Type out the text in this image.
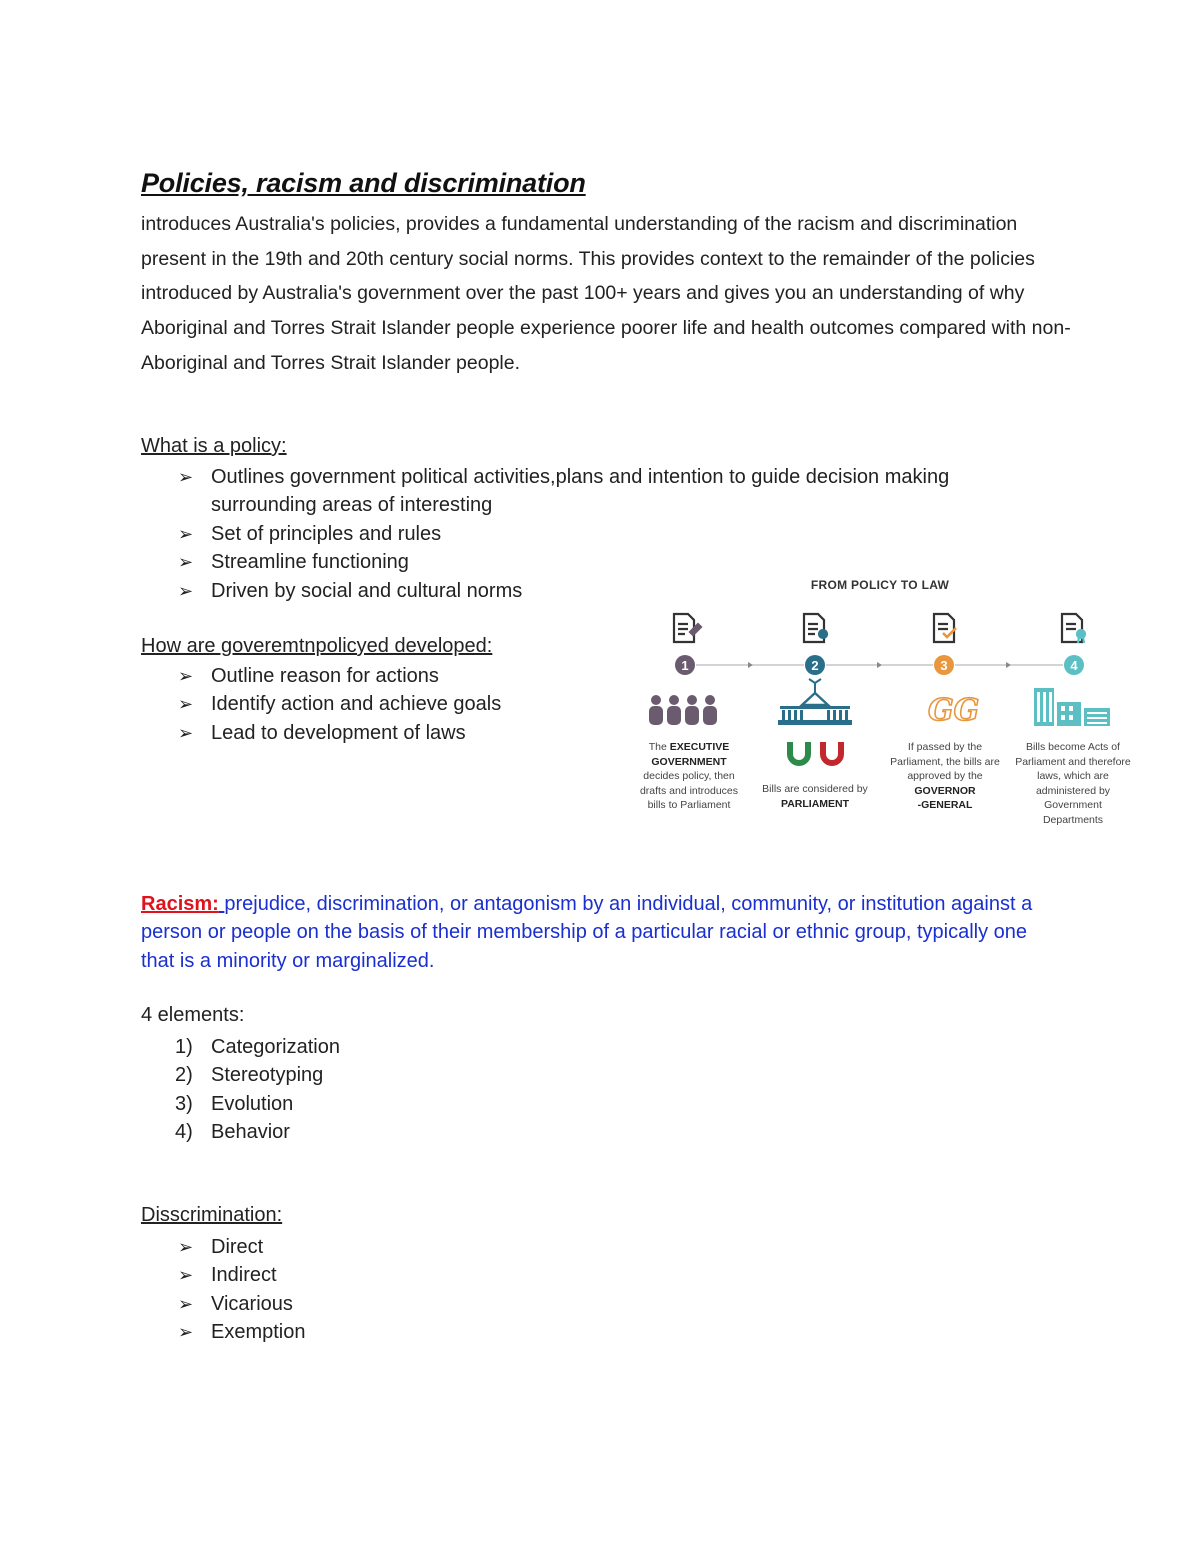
Policies, racism and discrimination

introduces Australia's policies, provides a fundamental understanding of the racism and discrimination present in the 19th and 20th century social norms. This provides context to the remainder of the policies introduced by Australia's government over the past 100+ years and gives you an understanding of why Aboriginal and Torres Strait Islander people experience poorer life and health outcomes compared with non-Aboriginal and Torres Strait Islander people.

What is a policy:

➢ Outlines government political activities,plans and intention to guide decision making surrounding areas of interesting
➢ Set of principles and rules
➢ Streamline functioning
➢ Driven by social and cultural norms

How are goveremtnpolicyed developed:

➢ Outline reason for actions
➢ Identify action and achieve goals
➢ Lead to development of laws
1	2	3	4
GG
FROM POLICY TO LAW
The EXECUTIVE
GOVERNMENT
decides policy, then drafts and introduces bills to Parliament
Bills are considered by
PARLIAMENT
If passed by the Parliament, the bills are approved by the
GOVERNOR
-GENERAL
Bills become Acts of Parliament and therefore laws, which are administered by Government Departments

Racism: prejudice, discrimination, or antagonism by an individual, community, or institution against a person or people on the basis of their membership of a particular racial or ethnic group, typically one that is a minority or marginalized.

4 elements:

1) Categorization
2) Stereotyping
3) Evolution
4) Behavior

Disscrimination:

➢ Direct
➢ Indirect
➢ Vicarious
➢ Exemption
